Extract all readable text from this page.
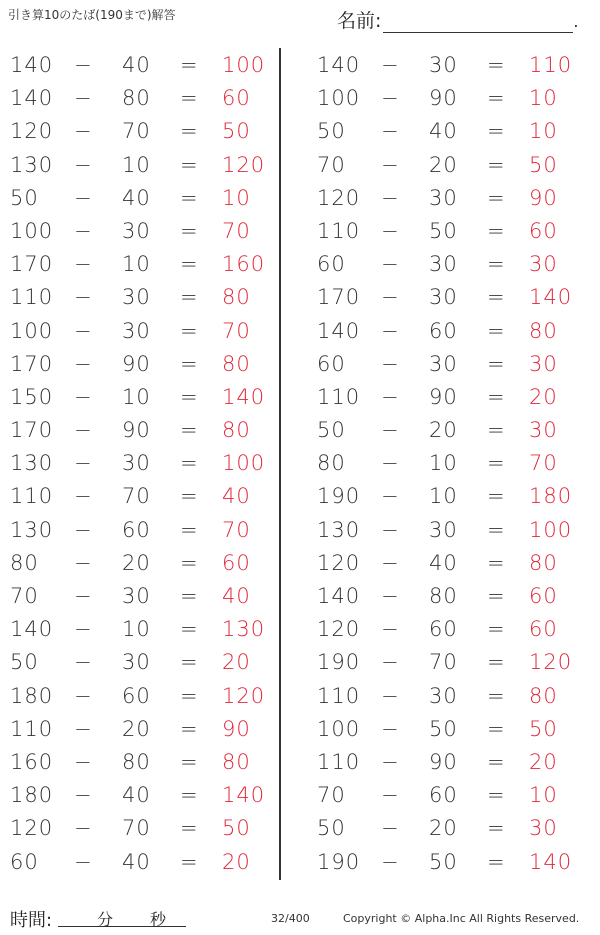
引き算10のたば(190まで)解答	名前:	.
140 − 40 = 100
140 − 80 = 60
120 − 70 = 50
130 − 10 = 120
50 − 40 = 10
100 − 30 = 70
170 − 10 = 160
110 − 30 = 80
100 − 30 = 70
170 − 90 = 80
150 − 10 = 140
170 − 90 = 80
130 − 30 = 100
110 − 70 = 40
130 − 60 = 70
80 − 20 = 60
70 − 30 = 40
140 − 10 = 130
50 − 30 = 20
180 − 60 = 120
110 − 20 = 90
160 − 80 = 80
180 − 40 = 140
120 − 70 = 50
60 − 40 = 20
140 − 30 = 110
100 − 90 = 10
50 − 40 = 10
70 − 20 = 50
120 − 30 = 90
110 − 50 = 60
60 − 30 = 30
170 − 30 = 140
140 − 60 = 80
60 − 30 = 30
110 − 90 = 20
50 − 20 = 30
80 − 10 = 70
190 − 10 = 180
130 − 30 = 100
120 − 40 = 80
140 − 80 = 60
120 − 60 = 60
190 − 70 = 120
110 − 30 = 80
100 − 50 = 50
110 − 90 = 20
70 − 60 = 10
50 − 20 = 30
190 − 50 = 140
時間:	分 秒	32/400	Copyright © Alpha.Inc All Rights Reserved.
